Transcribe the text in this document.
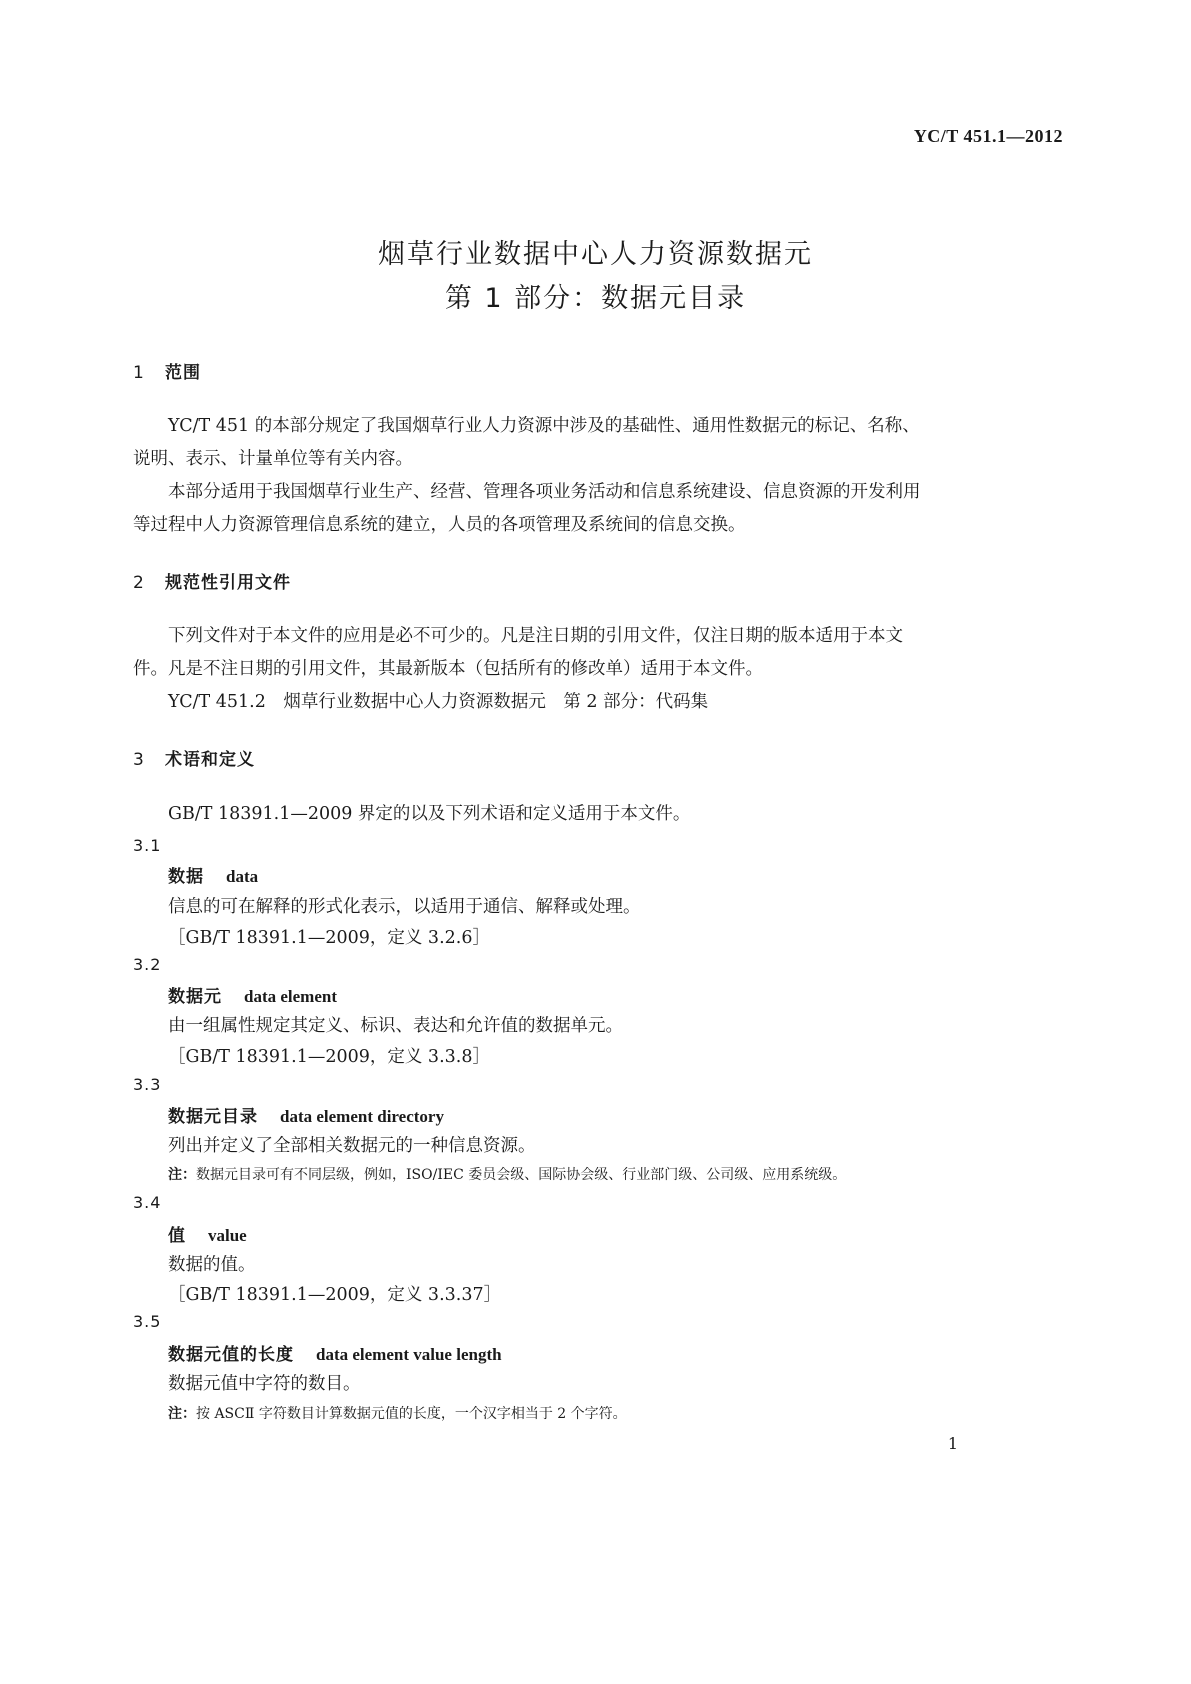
YC/T 451.1—2012
烟草行业数据中心人力资源数据元
第 1 部分：数据元目录
1 范围
YC/T 451 的本部分规定了我国烟草行业人力资源中涉及的基础性、通用性数据元的标记、名称、
说明、表示、计量单位等有关内容。
本部分适用于我国烟草行业生产、经营、管理各项业务活动和信息系统建设、信息资源的开发利用
等过程中人力资源管理信息系统的建立，人员的各项管理及系统间的信息交换。
2 规范性引用文件
下列文件对于本文件的应用是必不可少的。凡是注日期的引用文件，仅注日期的版本适用于本文
件。凡是不注日期的引用文件，其最新版本（包括所有的修改单）适用于本文件。
YC/T 451.2　烟草行业数据中心人力资源数据元　第 2 部分：代码集
3 术语和定义
GB/T 18391.1—2009 界定的以及下列术语和定义适用于本文件。
3.1
数据 data
信息的可在解释的形式化表示，以适用于通信、解释或处理。
［GB/T 18391.1—2009，定义 3.2.6］
3.2
数据元 data element
由一组属性规定其定义、标识、表达和允许值的数据单元。
［GB/T 18391.1—2009，定义 3.3.8］
3.3
数据元目录 data element directory
列出并定义了全部相关数据元的一种信息资源。
注：数据元目录可有不同层级，例如，ISO/IEC 委员会级、国际协会级、行业部门级、公司级、应用系统级。
3.4
值 value
数据的值。
［GB/T 18391.1—2009，定义 3.3.37］
3.5
数据元值的长度 data element value length
数据元值中字符的数目。
注：按 ASCⅡ 字符数目计算数据元值的长度，一个汉字相当于 2 个字符。
1
